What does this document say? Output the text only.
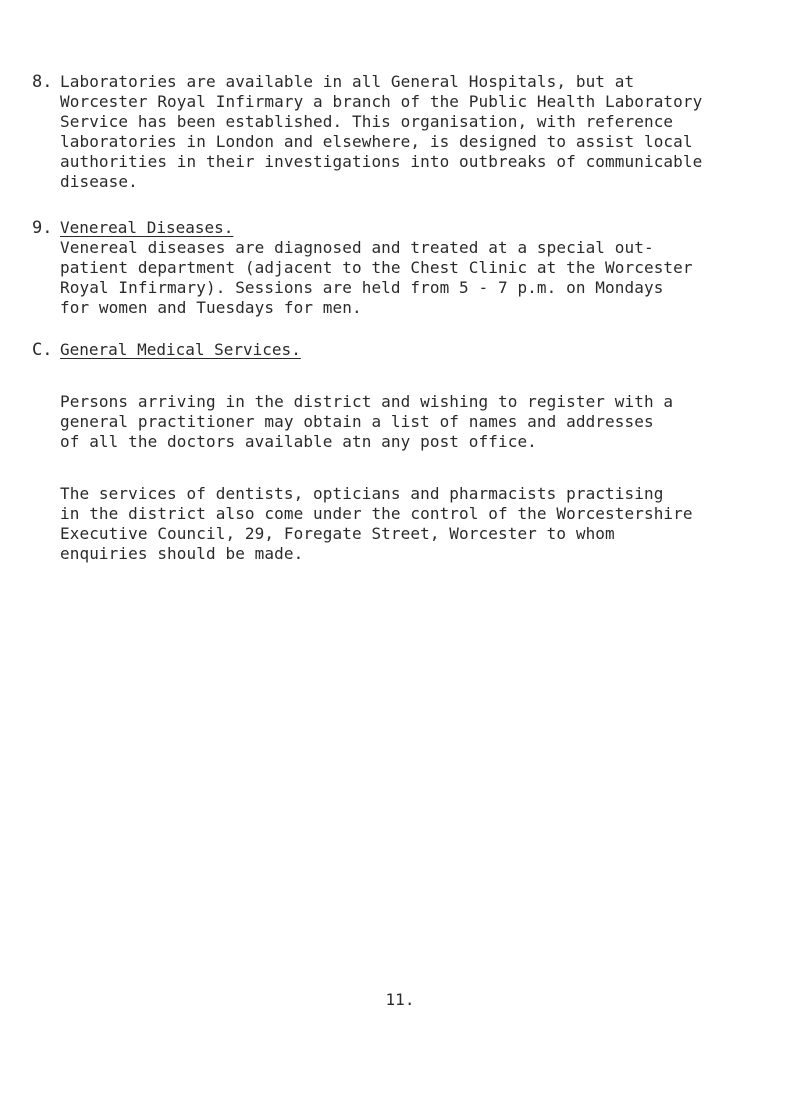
8. Laboratories are available in all General Hospitals, but at
Worcester Royal Infirmary a branch of the Public Health Laboratory
Service has been established. This organisation, with reference
laboratories in London and elsewhere, is designed to assist local
authorities in their investigations into outbreaks of communicable
disease.
9. Venereal Diseases.
Venereal diseases are diagnosed and treated at a special out-
patient department (adjacent to the Chest Clinic at the Worcester
Royal Infirmary). Sessions are held from 5 - 7 p.m. on Mondays
for women and Tuesdays for men.
C. General Medical Services.
Persons arriving in the district and wishing to register with a
general practitioner may obtain a list of names and addresses
of all the doctors available atn any post office.
The services of dentists, opticians and pharmacists practising
in the district also come under the control of the Worcestershire
Executive Council, 29, Foregate Street, Worcester to whom
enquiries should be made.
11.
